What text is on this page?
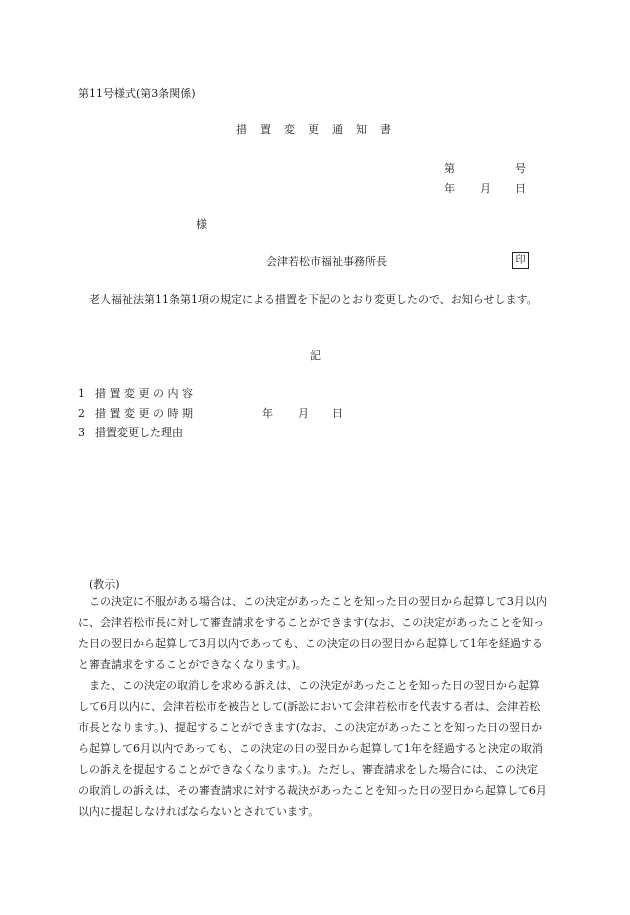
第11号様式(第3条関係)
措 置 変 更 通 知 書
第	号
年 月 日
様
会津若松市福祉事務所長	印
老人福祉法第11条第1項の規定による措置を下記のとおり変更したので、お知らせします。
記
1 措 置 変 更 の 内 容
2 措 置 変 更 の 時 期	年 月 日
3 措置変更した理由
(教示)
この決定に不服がある場合は、この決定があったことを知った日の翌日から起算して3月以内に、会津若松市長に対して審査請求をすることができます(なお、この決定があったことを知った日の翌日から起算して3月以内であっても、この決定の日の翌日から起算して1年を経過すると審査請求をすることができなくなります。)。
また、この決定の取消しを求める訴えは、この決定があったことを知った日の翌日から起算して6月以内に、会津若松市を被告として(訴訟において会津若松市を代表する者は、会津若松市長となります。)、提起することができます(なお、この決定があったことを知った日の翌日から起算して6月以内であっても、この決定の日の翌日から起算して1年を経過すると決定の取消しの訴えを提起することができなくなります。)。ただし、審査請求をした場合には、この決定の取消しの訴えは、その審査請求に対する裁決があったことを知った日の翌日から起算して6月以内に提起しなければならないとされています。
